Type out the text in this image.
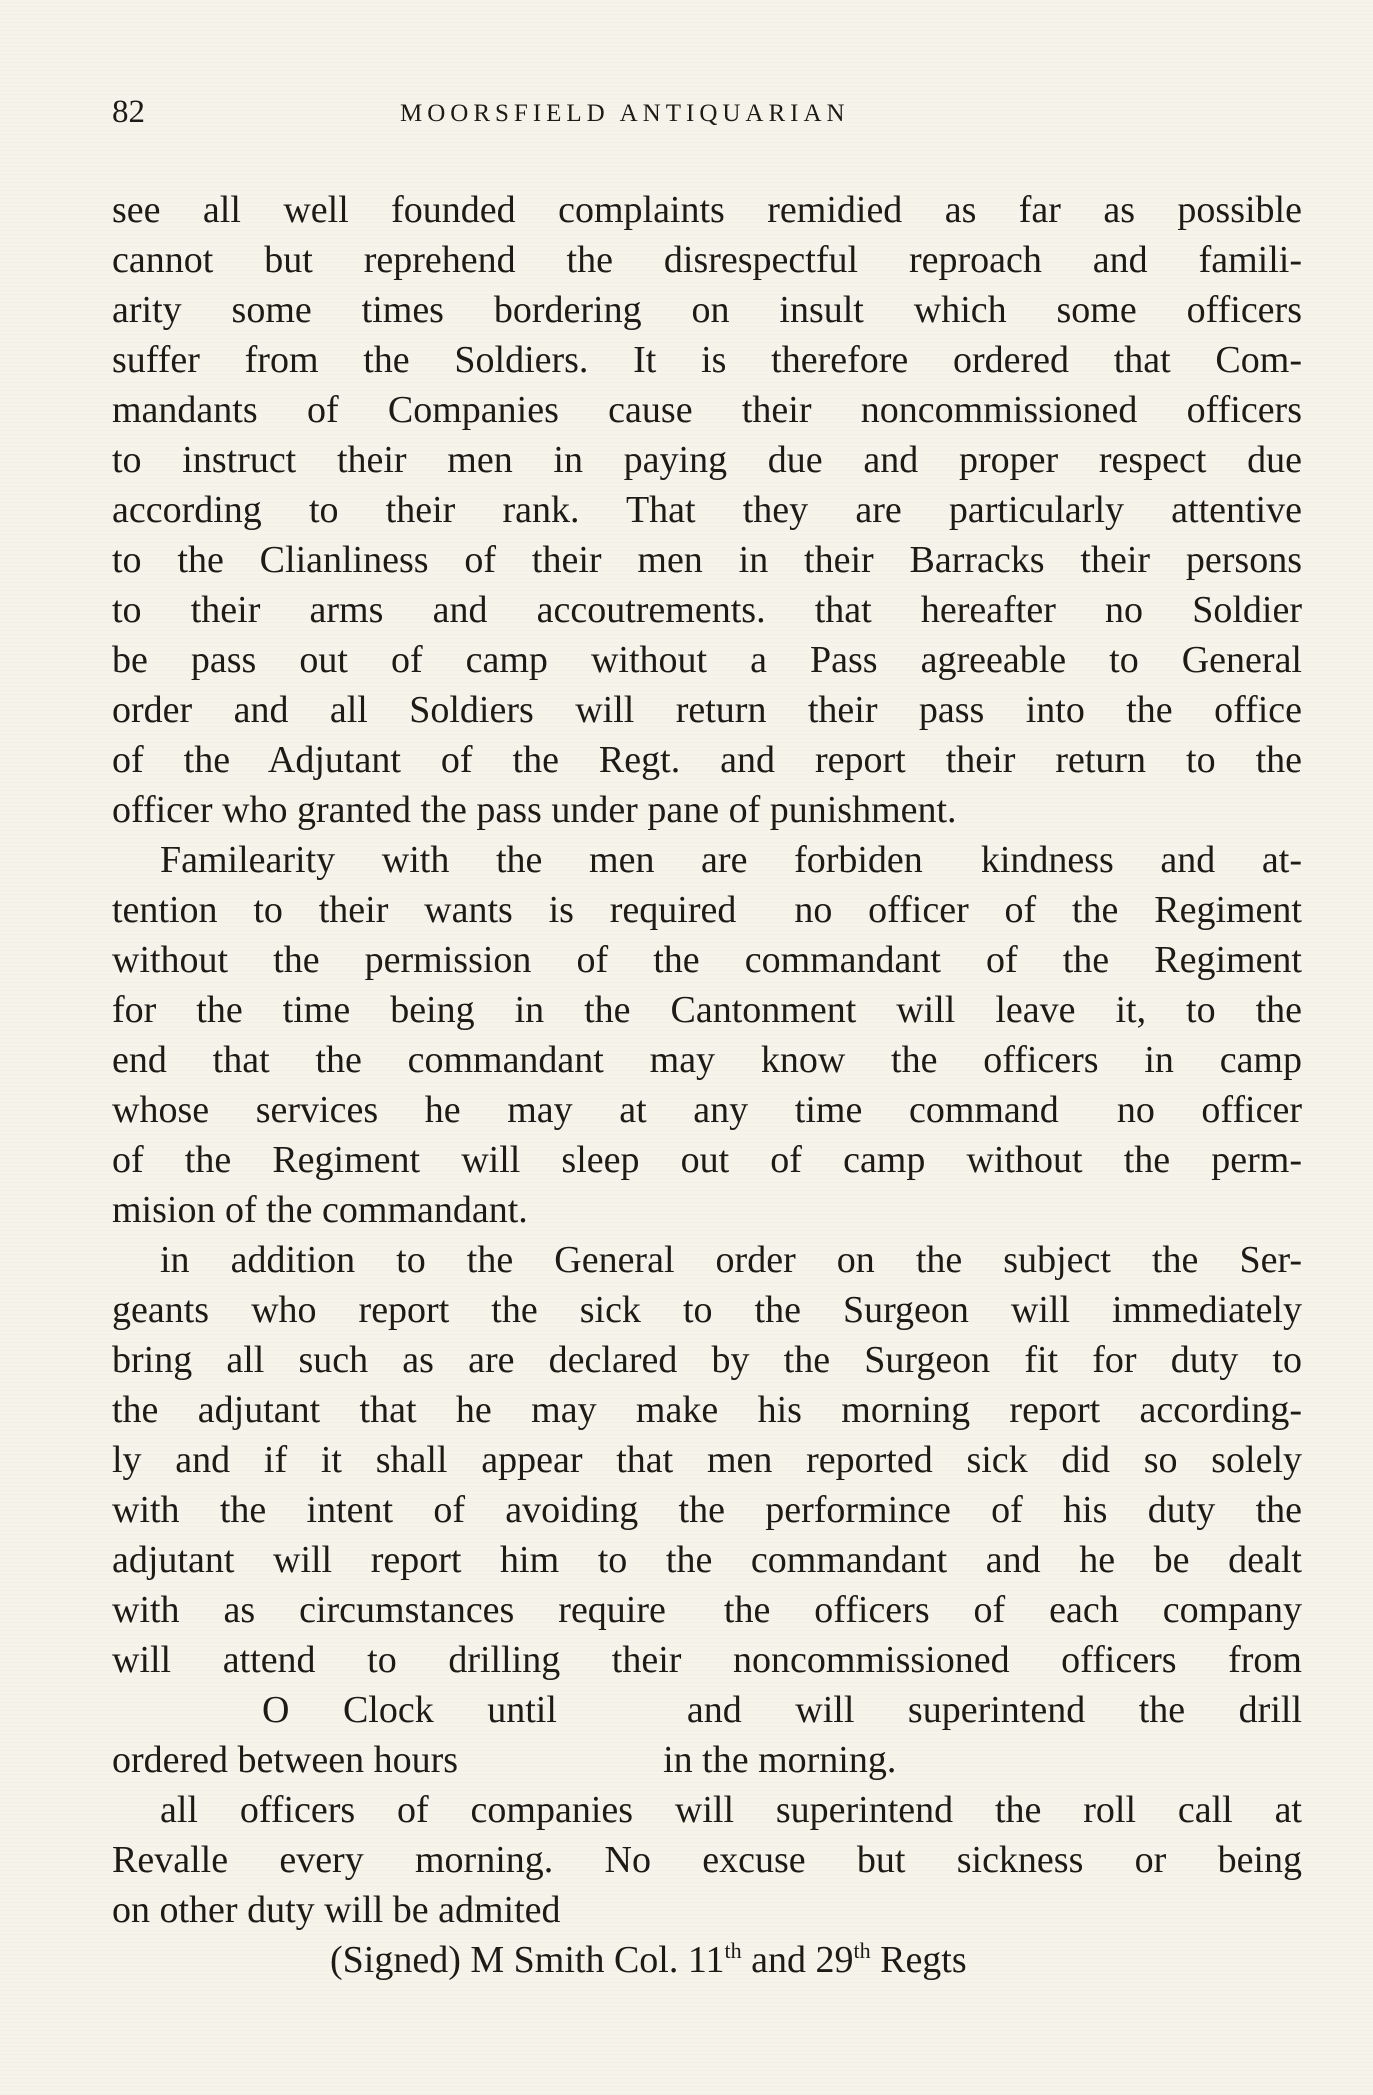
82	MOORSFIELD ANTIQUARIAN
see all well founded complaints remidied as far as possible
cannot but reprehend the disrespectful reproach and famili-
arity some times bordering on insult which some officers
suffer from the Soldiers. It is therefore ordered that Com-
mandants of Companies cause their noncommissioned officers
to instruct their men in paying due and proper respect due
according to their rank. That they are particularly attentive
to the Clianliness of their men in their Barracks their persons
to their arms and accoutrements. that hereafter no Soldier
be pass out of camp without a Pass agreeable to General
order and all Soldiers will return their pass into the office
of the Adjutant of the Regt. and report their return to the
officer who granted the pass under pane of punishment.
Familearity with the men are forbiden kindness and at-
tention to their wants is required no officer of the Regiment
without the permission of the commandant of the Regiment
for the time being in the Cantonment will leave it, to the
end that the commandant may know the officers in camp
whose services he may at any time command no officer
of the Regiment will sleep out of camp without the perm-
mision of the commandant.
in addition to the General order on the subject the Ser-
geants who report the sick to the Surgeon will immediately
bring all such as are declared by the Surgeon fit for duty to
the adjutant that he may make his morning report according-
ly and if it shall appear that men reported sick did so solely
with the intent of avoiding the performince of his duty the
adjutant will report him to the commandant and he be dealt
with as circumstances require the officers of each company
will attend to drilling their noncommissioned officers from
O Clock until	and will superintend the drill
ordered between hours	in the morning.
all officers of companies will superintend the roll call at
Revalle every morning. No excuse but sickness or being
on other duty will be admited
(Signed) M Smith Col. 11th and 29th Regts
